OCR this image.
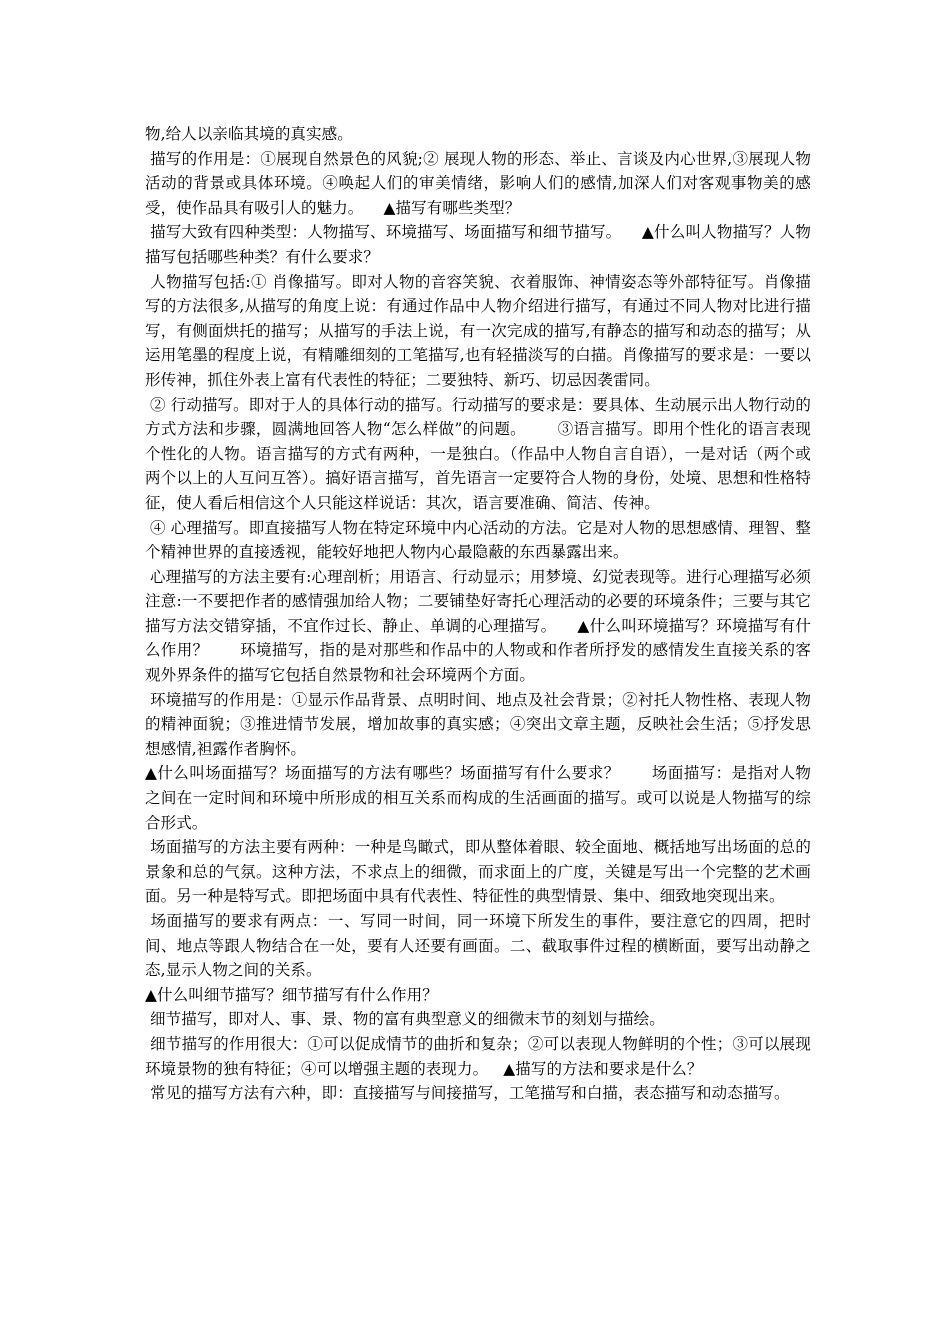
物,给人以亲临其境的真实感。

描写的作用是：①展现自然景色的风貌;② 展现人物的形态、举止、言谈及内心世界,③展现人物活动的背景或具体环境。④唤起人们的审美情绪，影响人们的感情,加深人们对客观事物美的感受，使作品具有吸引人的魅力。    ▲描写有哪些类型？

描写大致有四种类型：人物描写、环境描写、场面描写和细节描写。    ▲什么叫人物描写？人物描写包括哪些种类？有什么要求？

人物描写包括:① 肖像描写。即对人物的音容笑貌、衣着服饰、神情姿态等外部特征写。肖像描写的方法很多,从描写的角度上说：有通过作品中人物介绍进行描写，有通过不同人物对比进行描写，有侧面烘托的描写；从描写的手法上说，有一次完成的描写,有静态的描写和动态的描写；从运用笔墨的程度上说，有精雕细刻的工笔描写,也有轻描淡写的白描。肖像描写的要求是：一要以形传神，抓住外表上富有代表性的特征；二要独特、新巧、切忌因袭雷同。

② 行动描写。即对于人的具体行动的描写。行动描写的要求是：要具体、生动展示出人物行动的方式方法和步骤，圆满地回答人物“怎么样做”的问题。      ③语言描写。即用个性化的语言表现个性化的人物。语言描写的方式有两种，一是独白。（作品中人物自言自语），一是对话（两个或两个以上的人互问互答）。搞好语言描写，首先语言一定要符合人物的身份，处境、思想和性格特征，使人看后相信这个人只能这样说话：其次，语言要准确、简洁、传神。

④ 心理描写。即直接描写人物在特定环境中内心活动的方法。它是对人物的思想感情、理智、整个精神世界的直接透视，能较好地把人物内心最隐蔽的东西暴露出来。

心理描写的方法主要有:心理剖析；用语言、行动显示；用梦境、幻觉表现等。进行心理描写必须注意:一不要把作者的感情强加给人物；二要铺垫好寄托心理活动的必要的环境条件；三要与其它描写方法交错穿插，不宜作过长、静止、单调的心理描写。    ▲什么叫环境描写？环境描写有什么作用？      环境描写，指的是对那些和作品中的人物或和作者所抒发的感情发生直接关系的客观外界条件的描写它包括自然景物和社会环境两个方面。

环境描写的作用是：①显示作品背景、点明时间、地点及社会背景；②衬托人物性格、表现人物的精神面貌；③推进情节发展，增加故事的真实感；④突出文章主题，反映社会生活；⑤抒发思想感情,袒露作者胸怀。

▲什么叫场面描写？场面描写的方法有哪些？场面描写有什么要求？      场面描写：是指对人物之间在一定时间和环境中所形成的相互关系而构成的生活画面的描写。或可以说是人物描写的综合形式。

场面描写的方法主要有两种：一种是鸟瞰式，即从整体着眼、较全面地、概括地写出场面的总的景象和总的气氛。这种方法，不求点上的细微，而求面上的广度，关键是写出一个完整的艺术画面。另一种是特写式。即把场面中具有代表性、特征性的典型情景、集中、细致地突现出来。

场面描写的要求有两点：一、写同一时间，同一环境下所发生的事件，要注意它的四周，把时间、地点等跟人物结合在一处，要有人还要有画面。二、截取事件过程的横断面，要写出动静之态,显示人物之间的关系。

▲什么叫细节描写？细节描写有什么作用？

细节描写，即对人、事、景、物的富有典型意义的细微末节的刻划与描绘。

细节描写的作用很大：①可以促成情节的曲折和复杂；②可以表现人物鲜明的个性；③可以展现环境景物的独有特征；④可以增强主题的表现力。   ▲描写的方法和要求是什么？

常见的描写方法有六种，即：直接描写与间接描写，工笔描写和白描，表态描写和动态描写。
